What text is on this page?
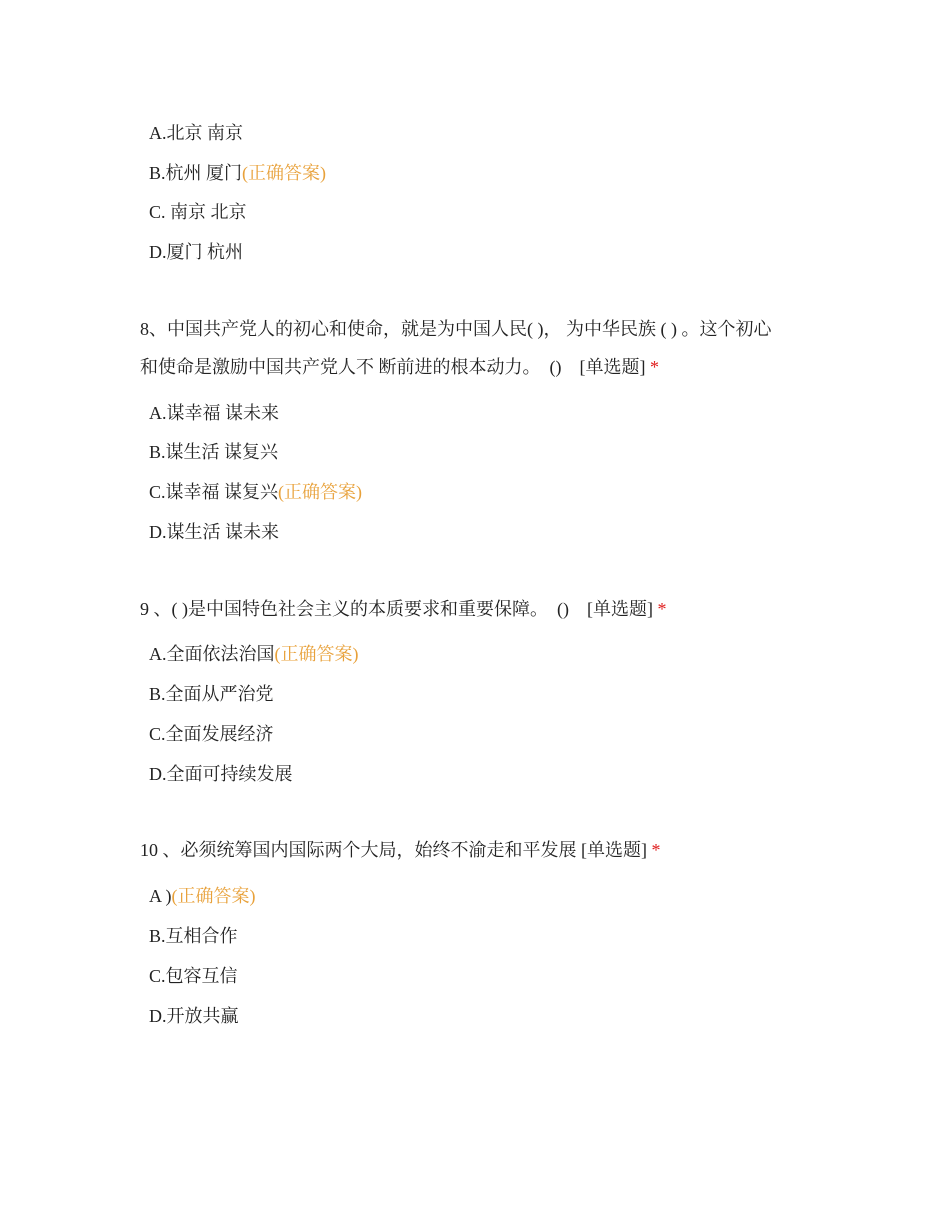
A.北京 南京
B.杭州 厦门(正确答案)
C. 南京 北京
D.厦门 杭州
8、中国共产党人的初心和使命，就是为中国人民( )， 为中华民族 ( ) 。这个初心
和使命是激励中国共产党人不 断前进的根本动力。　()　[单选题] *
A.谋幸福 谋未来
B.谋生活 谋复兴
C.谋幸福 谋复兴(正确答案)
D.谋生活 谋未来
9 、( )是中国特色社会主义的本质要求和重要保障。　()　[单选题] *
A.全面依法治国(正确答案)
B.全面从严治党
C.全面发展经济
D.全面可持续发展
10 、必须统筹国内国际两个大局，始终不渝走和平发展 [单选题] *
A )(正确答案)
B.互相合作
C.包容互信
D.开放共赢
